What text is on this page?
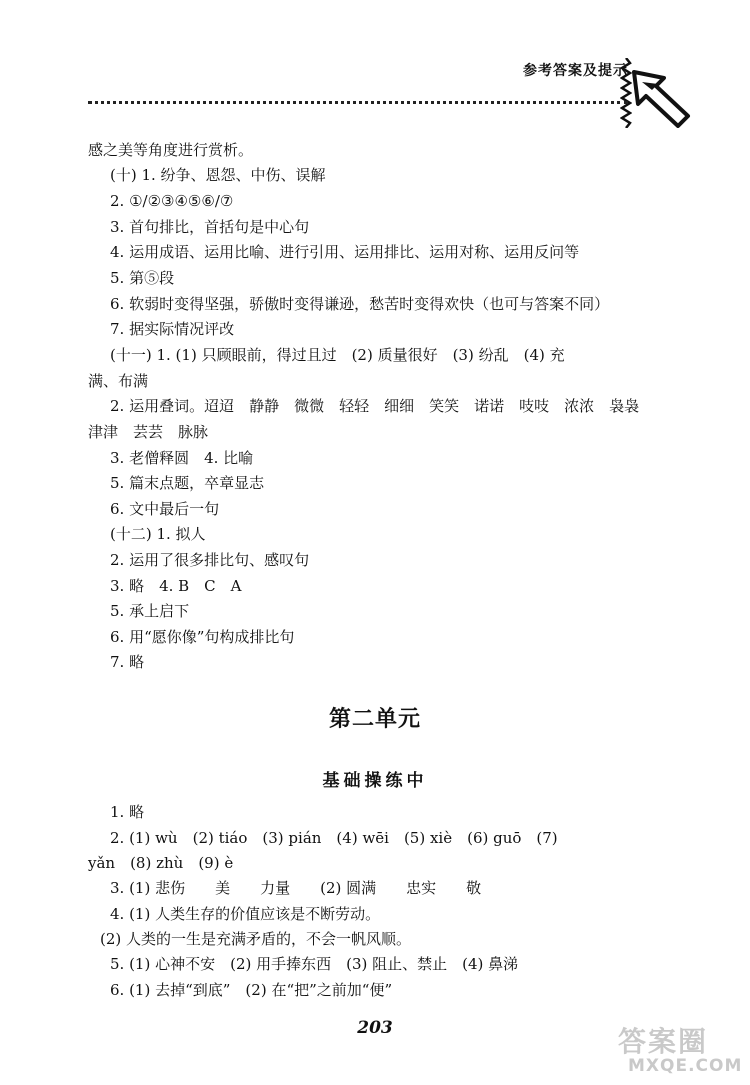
参考答案及提示
感之美等角度进行赏析。
(十) 1. 纷争、恩怨、中伤、误解
2. ①/②③④⑤⑥/⑦
3. 首句排比，首括句是中心句
4. 运用成语、运用比喻、进行引用、运用排比、运用对称、运用反问等
5. 第⑤段
6. 软弱时变得坚强，骄傲时变得谦逊，愁苦时变得欢快（也可与答案不同）
7. 据实际情况评改
(十一) 1. (1) 只顾眼前，得过且过　(2) 质量很好　(3) 纷乱　(4) 充
满、布满
2. 运用叠词。迢迢　静静　微微　轻轻　细细　笑笑　诺诺　吱吱　浓浓　袅袅
津津　芸芸　脉脉
3. 老僧释圆　4. 比喻
5. 篇末点题，卒章显志
6. 文中最后一句
(十二) 1. 拟人
2. 运用了很多排比句、感叹句
3. 略　4. B　C　A
5. 承上启下
6. 用“愿你像”句构成排比句
7. 略
第二单元
基础操练中
1. 略
2. (1) wù　(2) tiáo　(3) pián　(4) wēi　(5) xiè　(6) guō　(7)
yǎn　(8) zhù　(9) è
3. (1) 悲伤　　美　　力量　　(2) 圆满　　忠实　　敬
4. (1) 人类生存的价值应该是不断劳动。
(2) 人类的一生是充满矛盾的，不会一帆风顺。
5. (1) 心神不安　(2) 用手捧东西　(3) 阻止、禁止　(4) 鼻涕
6. (1) 去掉“到底”　(2) 在“把”之前加“便”
203	答案圈
MXQE.COM
